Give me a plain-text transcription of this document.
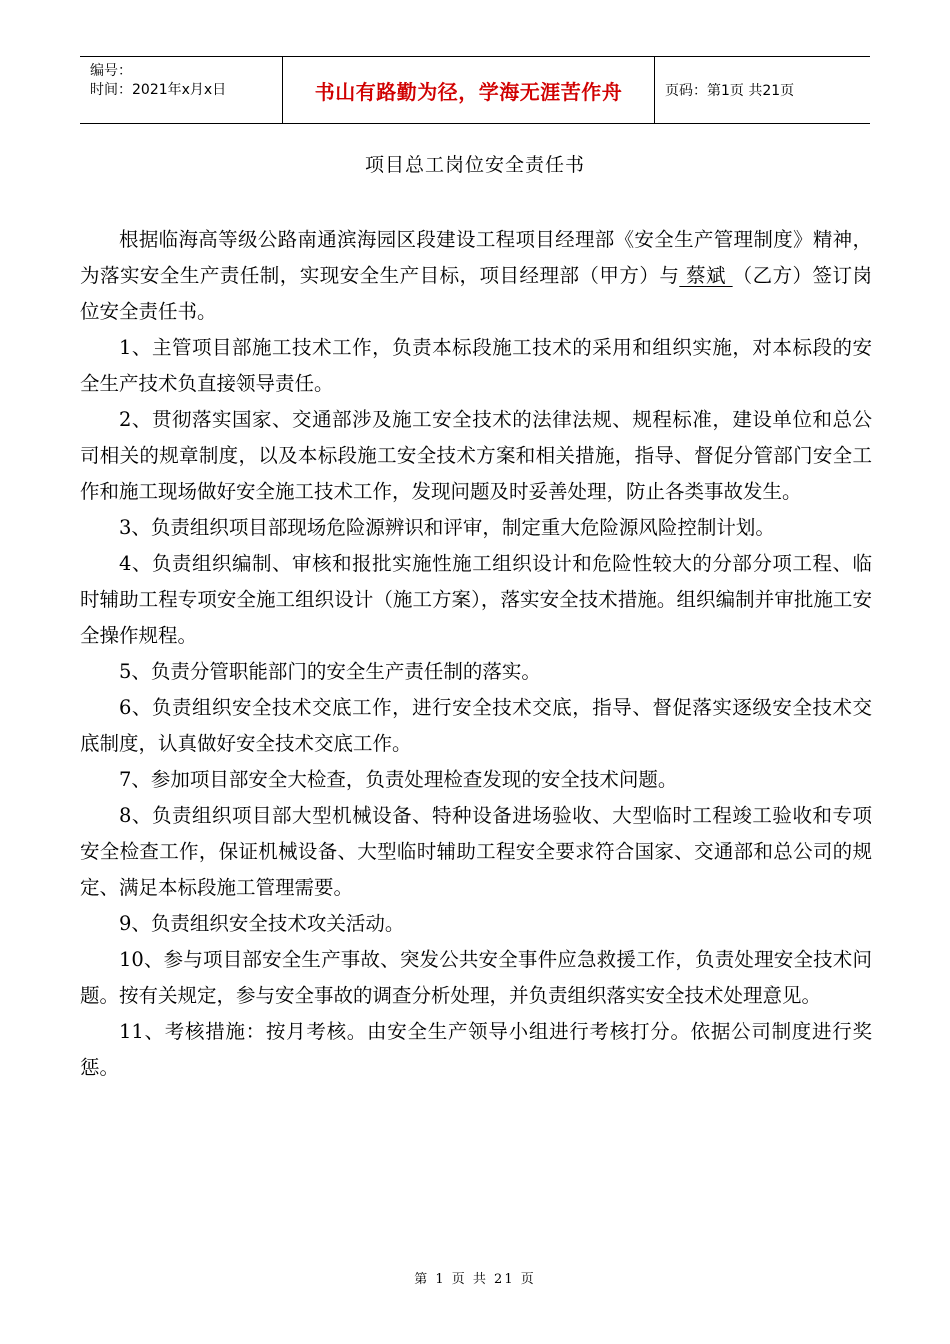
编号：
时间：2021年x月x日	书山有路勤为径，学海无涯苦作舟	页码：第1页 共21页
项目总工岗位安全责任书

根据临海高等级公路南通滨海园区段建设工程项目经理部《安全生产管理制度》精神，为落实安全生产责任制，实现安全生产目标，项目经理部（甲方）与 蔡斌 （乙方）签订岗位安全责任书。

1、主管项目部施工技术工作，负责本标段施工技术的采用和组织实施，对本标段的安全生产技术负直接领导责任。

2、贯彻落实国家、交通部涉及施工安全技术的法律法规、规程标准，建设单位和总公司相关的规章制度，以及本标段施工安全技术方案和相关措施，指导、督促分管部门安全工作和施工现场做好安全施工技术工作，发现问题及时妥善处理，防止各类事故发生。

3、负责组织项目部现场危险源辨识和评审，制定重大危险源风险控制计划。

4、负责组织编制、审核和报批实施性施工组织设计和危险性较大的分部分项工程、临时辅助工程专项安全施工组织设计（施工方案），落实安全技术措施。组织编制并审批施工安全操作规程。

5、负责分管职能部门的安全生产责任制的落实。

6、负责组织安全技术交底工作，进行安全技术交底，指导、督促落实逐级安全技术交底制度，认真做好安全技术交底工作。

7、参加项目部安全大检查，负责处理检查发现的安全技术问题。

8、负责组织项目部大型机械设备、特种设备进场验收、大型临时工程竣工验收和专项安全检查工作，保证机械设备、大型临时辅助工程安全要求符合国家、交通部和总公司的规定、满足本标段施工管理需要。

9、负责组织安全技术攻关活动。

10、参与项目部安全生产事故、突发公共安全事件应急救援工作，负责处理安全技术问题。按有关规定，参与安全事故的调查分析处理，并负责组织落实安全技术处理意见。

11、考核措施：按月考核。由安全生产领导小组进行考核打分。依据公司制度进行奖惩。

第 1 页 共 21 页
